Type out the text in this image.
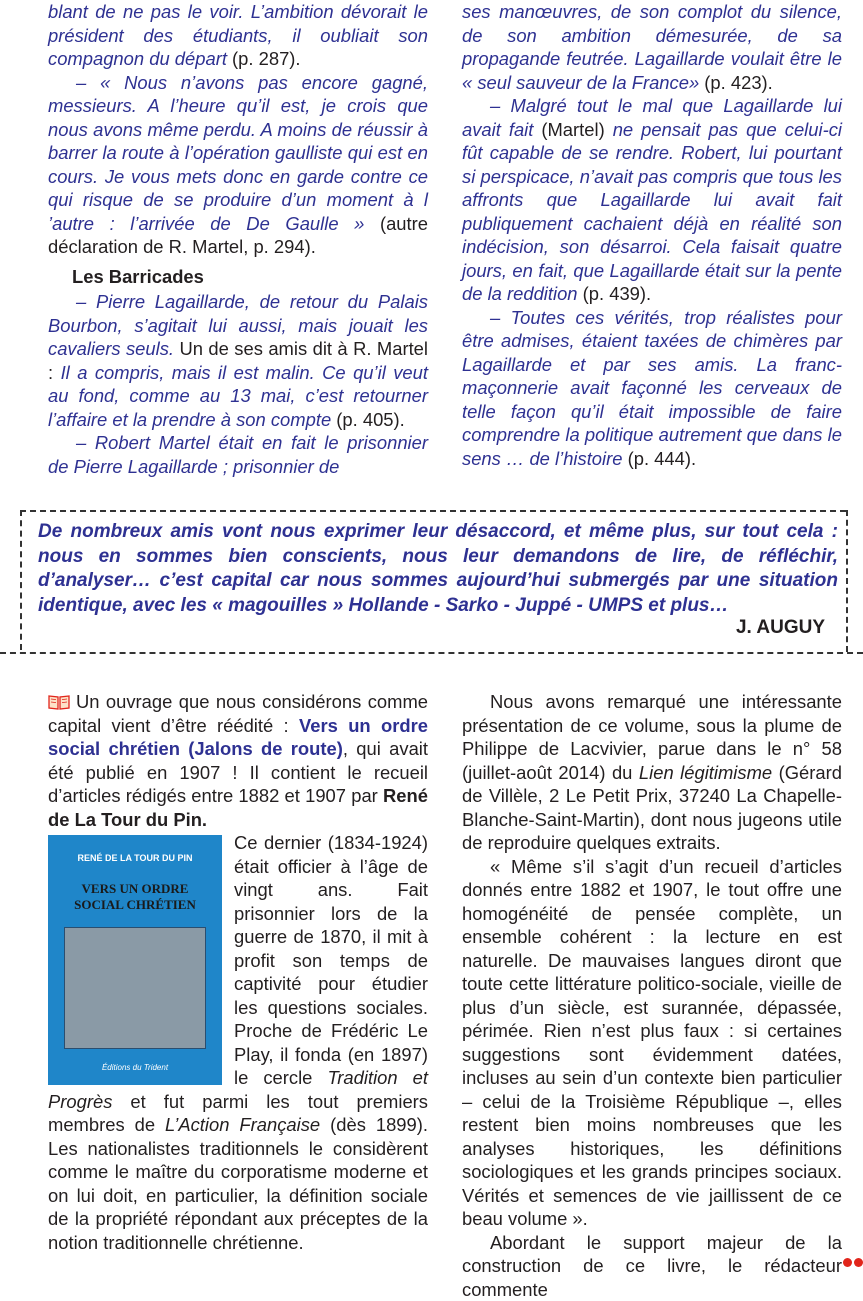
blant de ne pas le voir. L’ambition dévorait le président des étudiants, il oubliait son compagnon du départ (p. 287).

– « Nous n’avons pas encore gagné, messieurs. A l’heure qu’il est, je crois que nous avons même perdu. A moins de réussir à barrer la route à l’opération gaulliste qui est en cours. Je vous mets donc en garde contre ce qui risque de se produire d’un moment à l ’autre : l’arrivée de De Gaulle » (autre déclaration de R. Martel, p. 294).

Les Barricades

– Pierre Lagaillarde, de retour du Palais Bourbon, s’agitait lui aussi, mais jouait les cavaliers seuls. Un de ses amis dit à R. Martel : Il a compris, mais il est malin. Ce qu’il veut au fond, comme au 13 mai, c’est retourner l’affaire et la prendre à son compte (p. 405).

– Robert Martel était en fait le prisonnier de Pierre Lagaillarde ; prisonnier de

ses manœuvres, de son complot du silence, de son ambition démesurée, de sa propagande feutrée. Lagaillarde voulait être le « seul sauveur de la France» (p. 423).

– Malgré tout le mal que Lagaillarde lui avait fait (Martel) ne pensait pas que celui-ci fût capable de se rendre. Robert, lui pourtant si perspicace, n’avait pas compris que tous les affronts que Lagaillarde lui avait fait publiquement cachaient déjà en réalité son indécision, son désarroi. Cela faisait quatre jours, en fait, que Lagaillarde était sur la pente de la reddition (p. 439).

– Toutes ces vérités, trop réalistes pour être admises, étaient taxées de chimères par Lagaillarde et par ses amis. La franc-maçonnerie avait façonné les cerveaux de telle façon qu’il était impossible de faire comprendre la politique autrement que dans le sens … de l’histoire (p. 444).

De nombreux amis vont nous exprimer leur désaccord, et même plus, sur tout cela : nous en sommes bien conscients, nous leur demandons de lire, de réfléchir, d’analyser… c’est capital car nous sommes aujourd’hui submergés par une situation identique, avec les « magouilles » Hollande - Sarko - Juppé - UMPS et plus…
J. AUGUY

Un ouvrage que nous considérons comme capital vient d’être réédité : Vers un ordre social chrétien (Jalons de route), qui avait été publié en 1907 ! Il contient le recueil d’articles rédigés entre 1882 et 1907 par René de La Tour du Pin.

RENÉ DE LA TOUR DU PIN
VERS UN ORDRE
SOCIAL CHRÉTIEN
Éditions du Trident

Ce dernier (1834-1924) était officier à l’âge de vingt ans. Fait prisonnier lors de la guerre de 1870, il mit à profit son temps de captivité pour étudier les questions sociales. Proche de Frédéric Le Play, il fonda (en 1897) le cercle Tradition et Progrès et fut parmi les tout premiers membres de L’Action Française (dès 1899). Les nationalistes traditionnels le considèrent comme le maître du corporatisme moderne et on lui doit, en particulier, la définition sociale de la propriété répondant aux préceptes de la notion traditionnelle chrétienne.

Nous avons remarqué une intéressante présentation de ce volume, sous la plume de Philippe de Lacvivier, parue dans le n° 58 (juillet-août 2014) du Lien légitimisme (Gérard de Villèle, 2 Le Petit Prix, 37240 La Chapelle-Blanche-Saint-Martin), dont nous jugeons utile de reproduire quelques extraits.

« Même s’il s’agit d’un recueil d’articles donnés entre 1882 et 1907, le tout offre une homogénéité de pensée complète, un ensemble cohérent : la lecture en est naturelle. De mauvaises langues diront que toute cette littérature politico-sociale, vieille de plus d’un siècle, est surannée, dépassée, périmée. Rien n’est plus faux : si certaines suggestions sont évidemment datées, incluses au sein d’un contexte bien particulier – celui de la Troisième République –, elles restent bien moins nombreuses que les analyses historiques, les définitions sociologiques et les grands principes sociaux. Vérités et semences de vie jaillissent de ce beau volume ».

Abordant le support majeur de la construction de ce livre, le rédacteur commente
